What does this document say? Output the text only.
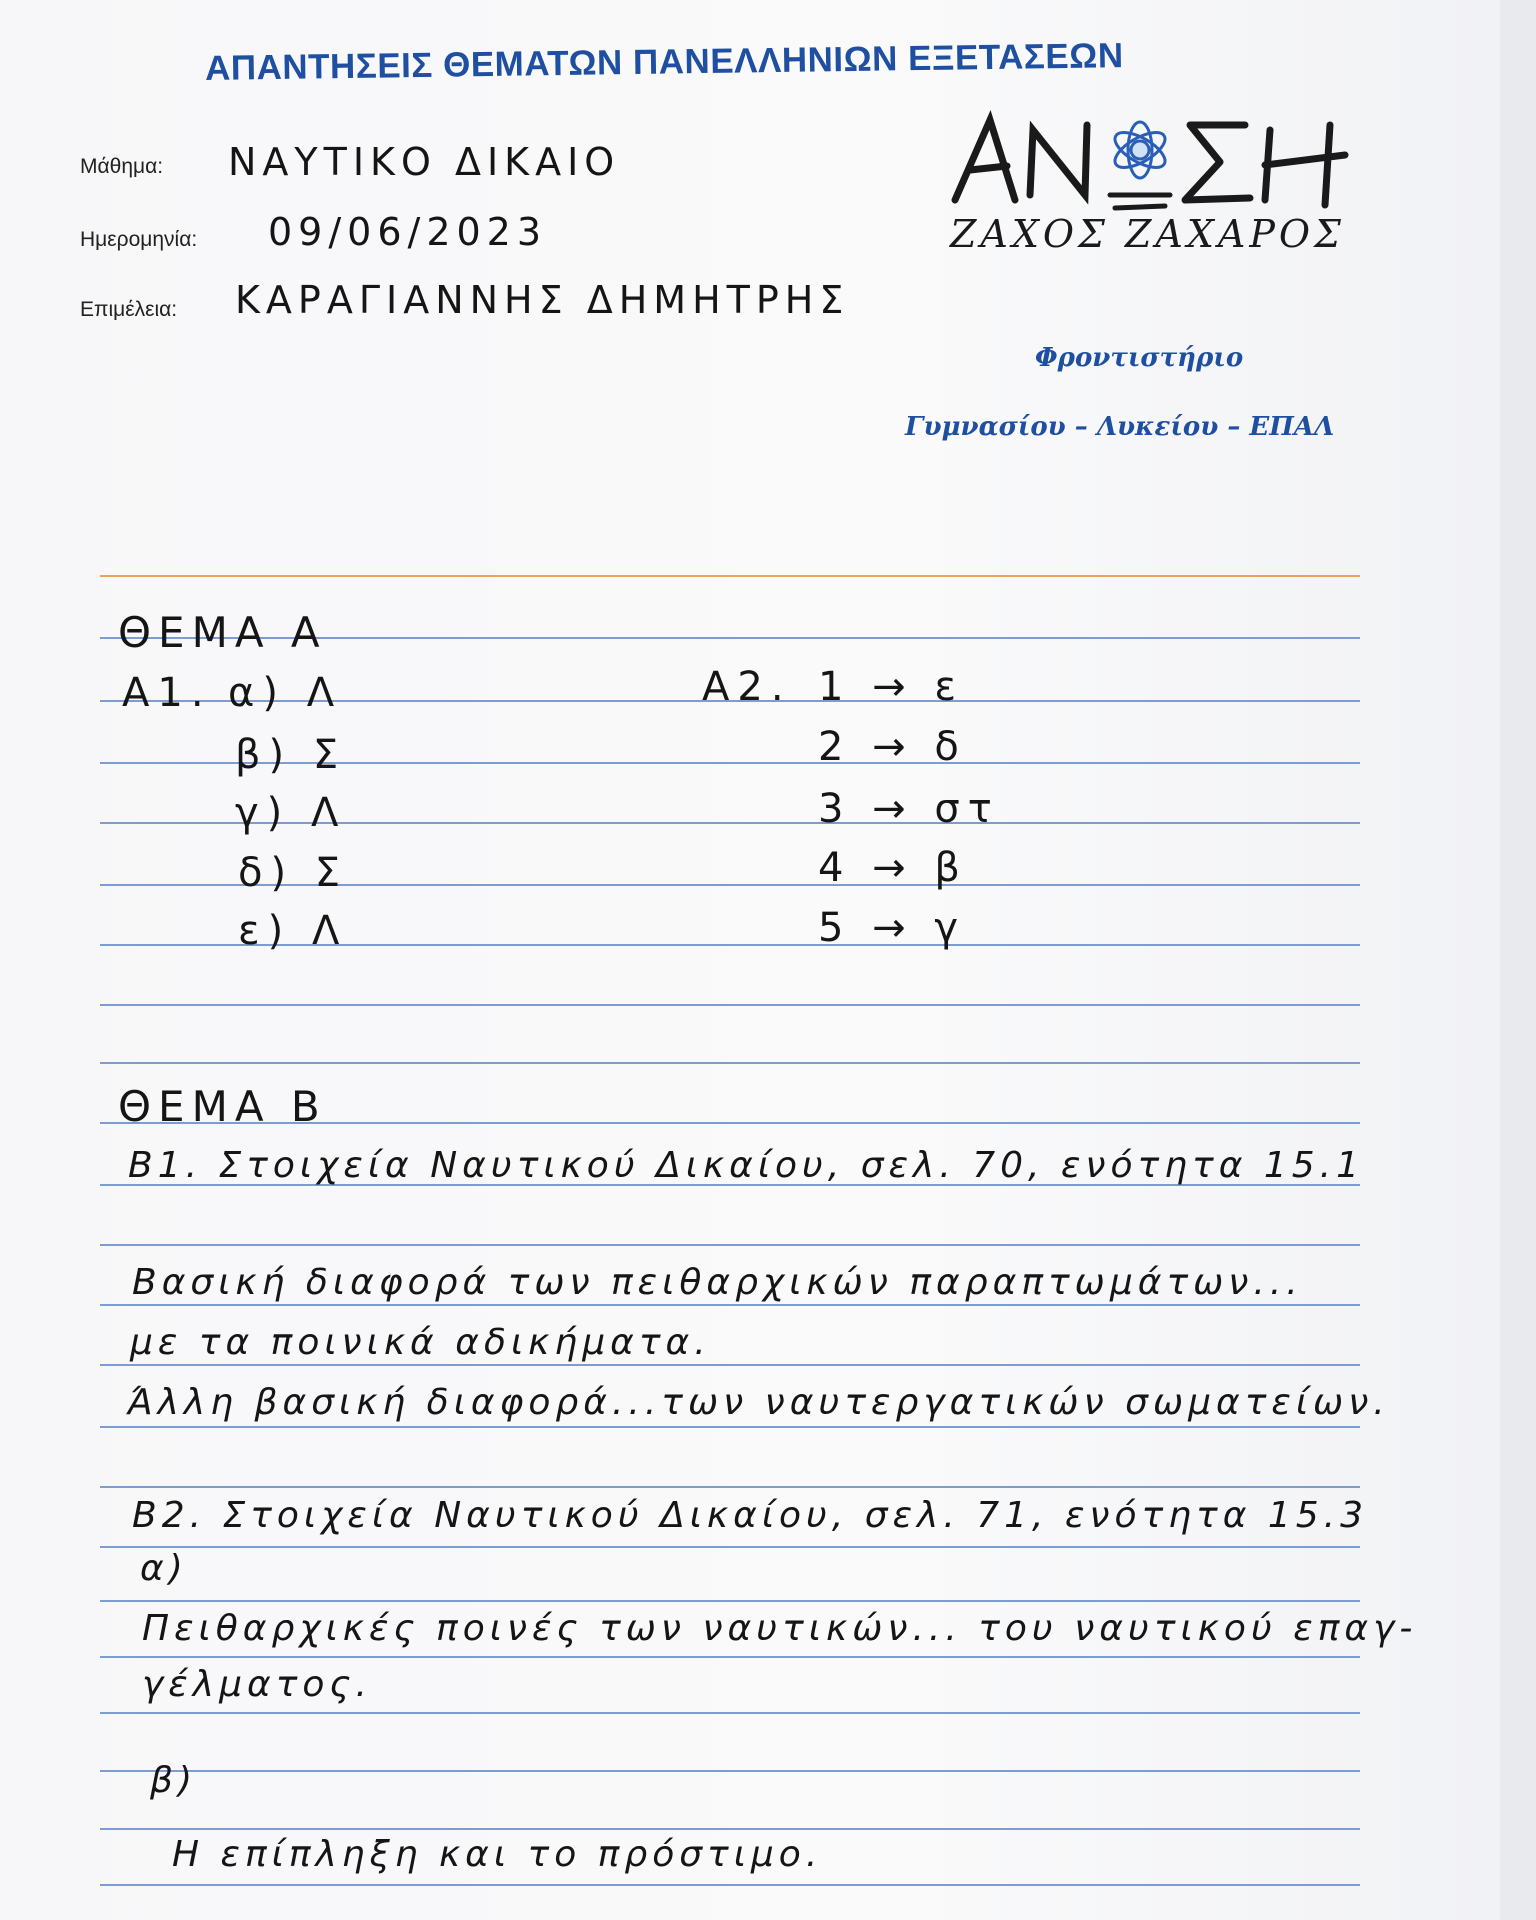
ΑΠΑΝΤΗΣΕΙΣ ΘΕΜΑΤΩΝ ΠΑΝΕΛΛΗΝΙΩΝ ΕΞΕΤΑΣΕΩΝ
Μάθημα: ΝΑΥΤΙΚΟ ΔΙΚΑΙΟ
Ημερομηνία: 09/06/2023
Επιμέλεια: ΚΑΡΑΓΙΑΝΝΗΣ ΔΗΜΗΤΡΗΣ
ΖΑΧΟΣ ΖΑΧΑΡΟΣ
Φροντιστήριο
Γυμνασίου – Λυκείου – ΕΠΑΛ
ΘΕΜΑ Α
Α1. α) Λ
β) Σ
γ) Λ
δ) Σ
ε) Λ
Α2. 1 → ε
2 → δ
3 → στ
4 → β
5 → γ
ΘΕΜΑ Β
Β1. Στοιχεία Ναυτικού Δικαίου, σελ. 70, ενότητα 15.1
Βασική διαφορά των πειθαρχικών παραπτωμάτων...
με τα ποινικά αδικήματα.
Άλλη βασική διαφορά...των ναυτεργατικών σωματείων.
Β2. Στοιχεία Ναυτικού Δικαίου, σελ. 71, ενότητα 15.3
α)
Πειθαρχικές ποινές των ναυτικών... του ναυτικού επαγ-
γέλματος.
β)
Η επίπληξη και το πρόστιμο.
